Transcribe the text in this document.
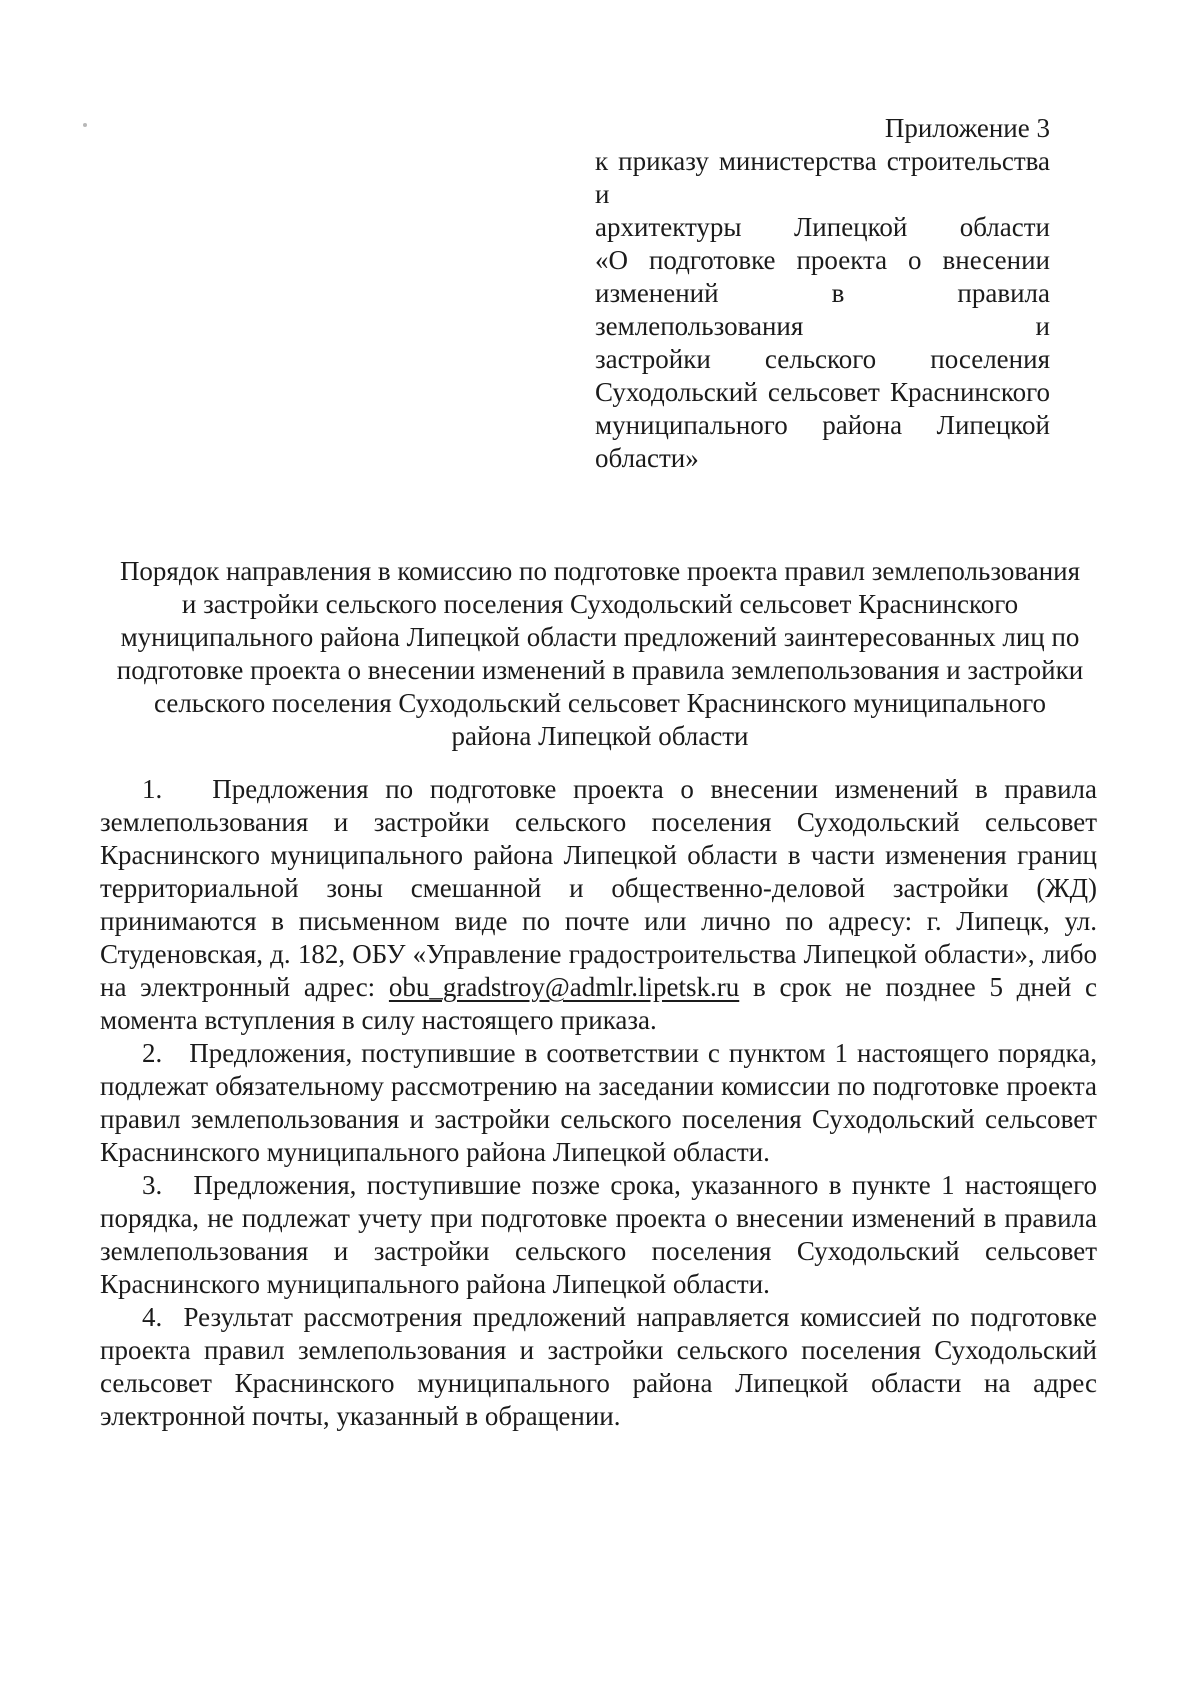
Приложение 3
к приказу министерства строительства и
архитектуры Липецкой области
«О подготовке проекта о внесении
изменений в правила землепользования и
застройки сельского поселения
Суходольский сельсовет Краснинского
муниципального района Липецкой
области»
Порядок направления в комиссию по подготовке проекта правил землепользования
и застройки сельского поселения Суходольский сельсовет Краснинского
муниципального района Липецкой области предложений заинтересованных лиц по
подготовке проекта о внесении изменений в правила землепользования и застройки
сельского поселения Суходольский сельсовет Краснинского муниципального
района Липецкой области

1.   Предложения по подготовке проекта о внесении изменений в правила землепользования и застройки сельского поселения Суходольский сельсовет Краснинского муниципального района Липецкой области в части изменения границ территориальной зоны смешанной и общественно-деловой застройки (ЖД) принимаются в письменном виде по почте или лично по адресу: г. Липецк, ул. Студеновская, д. 182, ОБУ «Управление градостроительства Липецкой области», либо на электронный адрес: obu_gradstroy@admlr.lipetsk.ru в срок не позднее 5 дней с момента вступления в силу настоящего приказа.

2.   Предложения, поступившие в соответствии с пунктом 1 настоящего порядка, подлежат обязательному рассмотрению на заседании комиссии по подготовке проекта правил землепользования и застройки сельского поселения Суходольский сельсовет Краснинского муниципального района Липецкой области.

3.   Предложения, поступившие позже срока, указанного в пункте 1 настоящего порядка, не подлежат учету при подготовке проекта о внесении изменений в правила землепользования и застройки сельского поселения Суходольский сельсовет Краснинского муниципального района Липецкой области.

4.  Результат рассмотрения предложений направляется комиссией по подготовке проекта правил землепользования и застройки сельского поселения Суходольский сельсовет Краснинского муниципального района Липецкой области на адрес электронной почты, указанный в обращении.
